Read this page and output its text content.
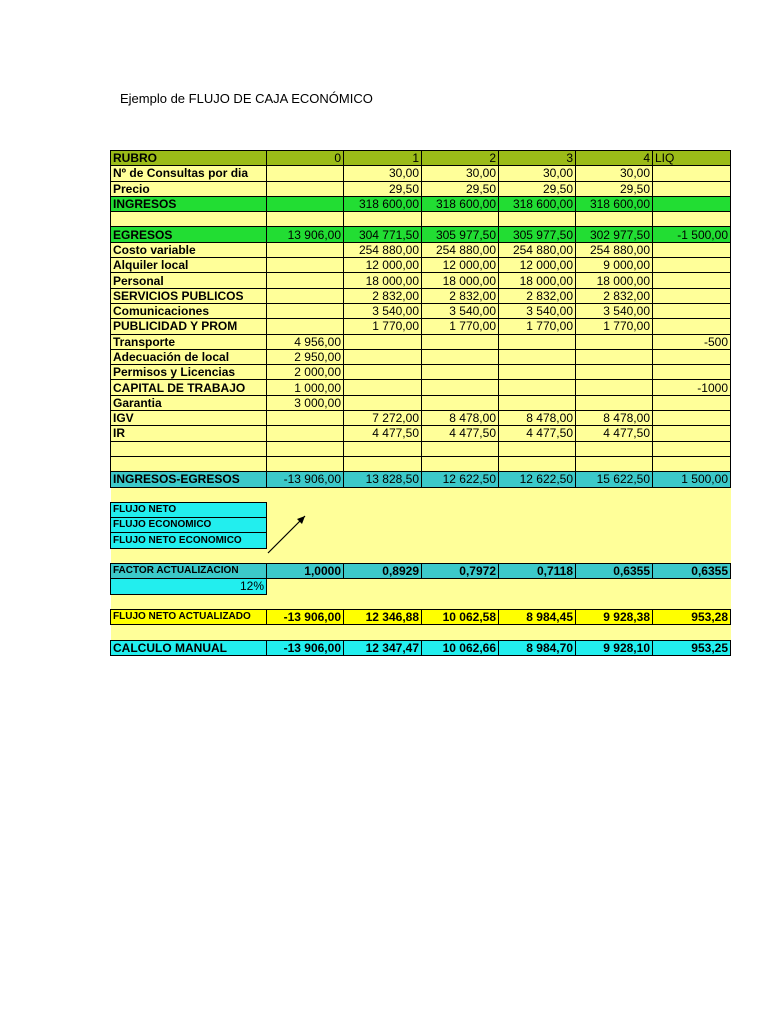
Ejemplo de FLUJO DE CAJA ECONÓMICO
RUBRO	0	1	2	3	4	LIQ
Nº de Consultas por dia		30,00	30,00	30,00	30,00	
Precio		29,50	29,50	29,50	29,50	
INGRESOS		318 600,00	318 600,00	318 600,00	318 600,00	

EGRESOS	13 906,00	304 771,50	305 977,50	305 977,50	302 977,50	-1 500,00
Costo variable		254 880,00	254 880,00	254 880,00	254 880,00	
Alquiler local		12 000,00	12 000,00	12 000,00	9 000,00	
Personal		18 000,00	18 000,00	18 000,00	18 000,00	
SERVICIOS PUBLICOS		2 832,00	2 832,00	2 832,00	2 832,00	
Comunicaciones		3 540,00	3 540,00	3 540,00	3 540,00	
PUBLICIDAD Y PROM		1 770,00	1 770,00	1 770,00	1 770,00	
Transporte	4 956,00					-500
Adecuación de local	2 950,00					
Permisos y Licencias	2 000,00					
CAPITAL DE TRABAJO	1 000,00					-1000
Garantia	3 000,00					
IGV		7 272,00	8 478,00	8 478,00	8 478,00	
IR		4 477,50	4 477,50	4 477,50	4 477,50	

INGRESOS-EGRESOS	-13 906,00	13 828,50	12 622,50	12 622,50	15 622,50	1 500,00

FLUJO NETO						
FLUJO ECONOMICO						
FLUJO NETO ECONOMICO						

FACTOR ACTUALIZACION	1,0000	0,8929	0,7972	0,7118	0,6355	0,6355
12%						

FLUJO NETO ACTUALIZADO	-13 906,00	12 346,88	10 062,58	8 984,45	9 928,38	953,28

CALCULO MANUAL	-13 906,00	12 347,47	10 062,66	8 984,70	9 928,10	953,25
